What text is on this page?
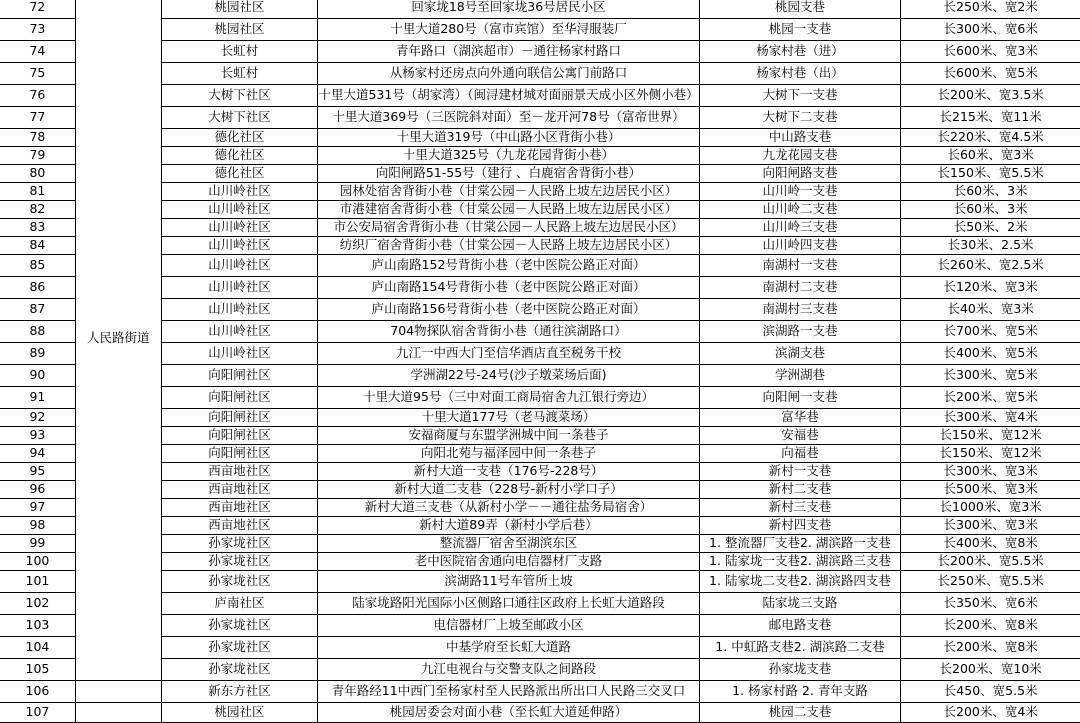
72	人民路街道	桃园社区	回家垅18号至回家垅36号居民小区	桃园支巷	长250米、宽2米
73		桃园社区	十里大道280号（富市宾馆）至华浔服装厂	桃园一支巷	长300米、宽6米
74		长虹村	青年路口（湖滨超市）－通往杨家村路口	杨家村巷（进）	长600米、宽3米
75		长虹村	从杨家村还房点向外通向联信公寓门前路口	杨家村巷（出）	长600米、宽5米
76		大树下社区	十里大道531号（胡家湾）（闽浔建材城对面丽景天成小区外侧小巷）	大树下一支巷	长200米、宽3.5米
77		大树下社区	十里大道369号（三医院斜对面）至－龙开河78号（富帝世界）	大树下二支巷	长215米、宽11米
78		德化社区	十里大道319号（中山路小区背街小巷）	中山路支巷	长220米、宽4.5米
79		德化社区	十里大道325号（九龙花园背街小巷）	九龙花园支巷	长60米、宽3米
80		德化社区	向阳闸路51-55号（建行 、白鹿宿舍背街小巷）	向阳闸路支巷	长150米、宽5.5米
81		山川岭社区	园林处宿舍背街小巷（甘棠公园－人民路上坡左边居民小区）	山川岭一支巷	长60米、3米
82		山川岭社区	市港建宿舍背街小巷（甘棠公园－人民路上坡左边居民小区）	山川岭二支巷	长60米、3米
83		山川岭社区	市公安局宿舍背街小巷（甘棠公园－人民路上坡左边居民小区）	山川岭三支巷	长50米、2米
84		山川岭社区	纺织厂宿舍背街小巷（甘棠公园－人民路上坡左边居民小区）	山川岭四支巷	长30米、2.5米
85		山川岭社区	庐山南路152号背街小巷（老中医院公路正对面）	南湖村一支巷	长260米、宽2.5米
86		山川岭社区	庐山南路154号背街小巷（老中医院公路正对面）	南湖村二支巷	长120米、宽3米
87		山川岭社区	庐山南路156号背街小巷（老中医院公路正对面）	南湖村三支巷	长40米、宽3米
88		山川岭社区	704物探队宿舍背街小巷（通往滨湖路口）	滨湖路一支巷	长700米、宽5米
89		山川岭社区	九江一中西大门至信华酒店直至税务干校	滨湖支巷	长400米、宽5米
90		向阳闸社区	学洲湖22号-24号(沙子墩菜场后面)	学洲湖巷	长300米、宽5米
91		向阳闸社区	十里大道95号（三中对面工商局宿舍九江银行旁边）	向阳闸一支巷	长200米、宽5米
92		向阳闸社区	十里大道177号（老马渡菜场）	富华巷	长300米、宽4米
93		向阳闸社区	安福商厦与东盟学洲城中间一条巷子	安福巷	长150米、宽12米
94		向阳闸社区	向阳北苑与福泽园中间一条巷子	向福巷	长150米、宽12米
95		西亩地社区	新村大道一支巷（176号-228号）	新村一支巷	长300米、宽3米
96		西亩地社区	新村大道二支巷（228号-新村小学口子）	新村二支巷	长500米、宽3米
97		西亩地社区	新村大道三支巷（从新村小学－－通往盐务局宿舍）	新村三支巷	长1000米、宽3米
98		西亩地社区	新村大道89弄（新村小学后巷）	新村四支巷	长300米、宽3米
99		孙家垅社区	整流器厂宿舍至湖滨东区	1. 整流器厂支巷2. 湖滨路一支巷	长400米、宽8米
100		孙家垅社区	老中医院宿舍通向电信器材厂支路	1. 陆家垅一支巷2. 湖滨路三支巷	长200米、宽5.5米
101		孙家垅社区	滨湖路11号车管所上坡	1. 陆家垅二支巷2. 湖滨路四支巷	长250米、宽5.5米
102		庐南社区	陆家垅路阳光国际小区侧路口通往区政府上长虹大道路段	陆家垅三支路	长350米、宽6米
103		孙家垅社区	电信器材厂上坡至邮政小区	邮电路支巷	长200米、宽8米
104		孙家垅社区	中基学府至长虹大道路	1. 中虹路支巷2. 湖滨路二支巷	长200米、宽8米
105		孙家垅社区	九江电视台与交警支队之间路段	孙家垅支巷	长200米、宽10米
106		新东方社区	青年路经11中西门至杨家村至人民路派出所出口人民路三交叉口	1. 杨家村路 2. 青年支路	长450、宽5.5米
107		桃园社区	桃园居委会对面小巷（至长虹大道延伸路）	桃园二支巷	长200米、宽4米
